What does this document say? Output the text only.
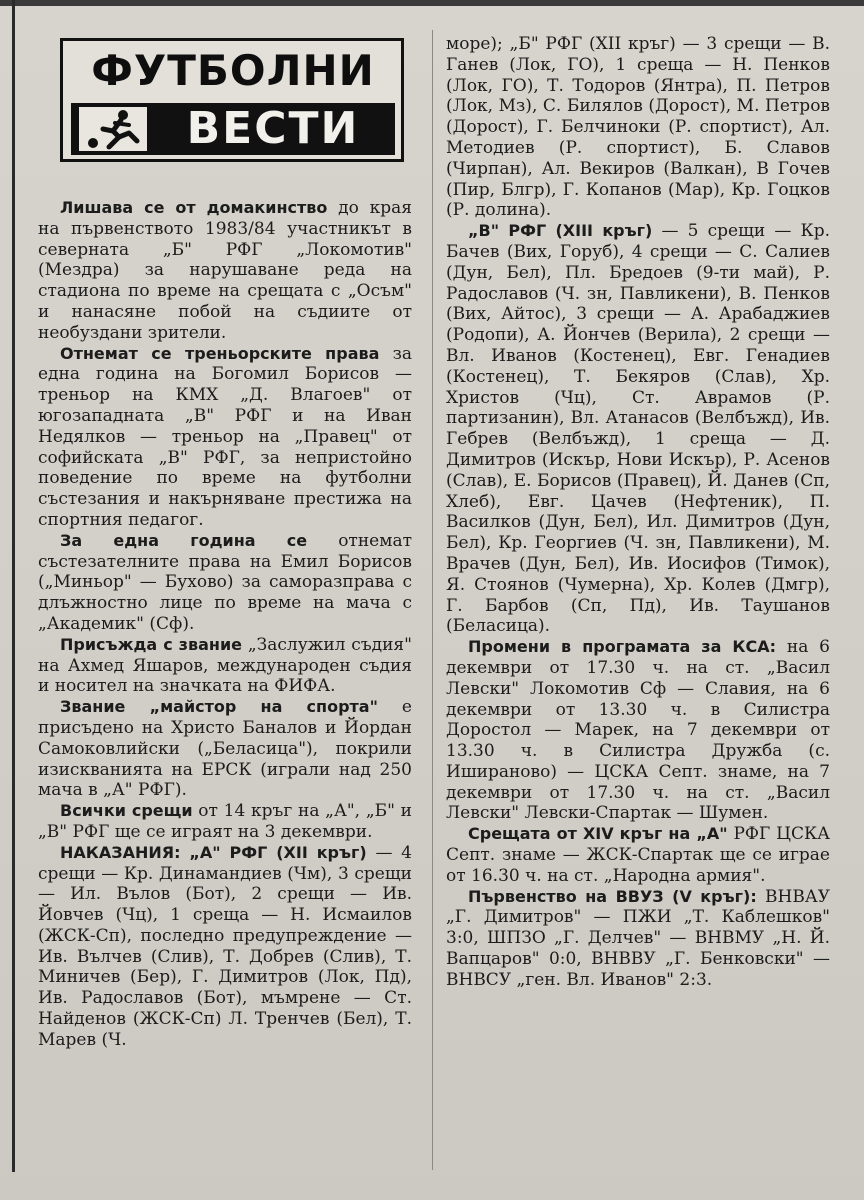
ФУТБОЛНИ
ВЕСТИ

Лишава се от домакинство до края на първенството 1983/84 участникът в северната „Б" РФГ „Локомотив" (Мездра) за нарушаване реда на стадиона по време на срещата с „Осъм" и нанасяне побой на съдиите от необуздани зрители.

Отнемат се треньорските права за една година на Богомил Борисов — треньор на КМХ „Д. Влагоев" от югозападната „В" РФГ и на Иван Недялков — треньор на „Правец" от софийската „В" РФГ, за непристойно поведение по време на футболни състезания и накърняване престижа на спортния педагог.

За една година се отнемат състезателните права на Емил Борисов („Миньор" — Бухово) за саморазправа с длъжностно лице по време на мача с „Академик" (Сф).

Присъжда с звание „Заслужил съдия" на Ахмед Яшаров, международен съдия и носител на значката на ФИФА.

Звание „майстор на спорта" е присъдено на Христо Баналов и Йордан Самоковлийски („Беласица"), покрили изискванията на ЕРСК (играли над 250 мача в „А" РФГ).

Всички срещи от 14 кръг на „А", „Б" и „В" РФГ ще се играят на 3 декември.

НАКАЗАНИЯ: „А" РФГ (XII кръг) — 4 срещи — Кр. Динамандиев (Чм), 3 срещи — Ил. Вълов (Бот), 2 срещи — Ив. Йовчев (Чц), 1 среща — Н. Исмаилов (ЖСК-Сп), последно предупреждение — Ив. Вълчев (Слив), Т. Добрев (Слив), Т. Миничев (Бер), Г. Димитров (Лок, Пд), Ив. Радославов (Бот), мъмрене — Ст. Найденов (ЖСК-Сп) Л. Тренчев (Бел), Т. Марев (Ч.

море); „Б" РФГ (XII кръг) — 3 срещи — В. Ганев (Лок, ГО), 1 среща — Н. Пенков (Лок, ГО), Т. Тодоров (Янтра), П. Петров (Лок, Мз), С. Билялов (Дорост), М. Петров (Дорост), Г. Белчиноки (Р. спортист), Ал. Методиев (Р. спортист), Б. Славов (Чирпан), Ал. Векиров (Валкан), В Гочев (Пир, Блгр), Г. Копанов (Мар), Кр. Гоцков (Р. долина).

„В" РФГ (XIII кръг) — 5 срещи — Кр. Бачев (Вих, Горуб), 4 срещи — С. Салиев (Дун, Бел), Пл. Бредоев (9-ти май), Р. Радославов (Ч. зн, Павликени), В. Пенков (Вих, Айтос), 3 срещи — А. Арабаджиев (Родопи), А. Йончев (Верила), 2 срещи — Вл. Иванов (Костенец), Евг. Генадиев (Костенец), Т. Бекяров (Слав), Хр. Христов (Чц), Ст. Аврамов (Р. партизанин), Вл. Атанасов (Велбъжд), Ив. Гебрев (Велбъжд), 1 среща — Д. Димитров (Искър, Нови Искър), Р. Асенов (Слав), Е. Борисов (Правец), Й. Данев (Сп, Хлеб), Евг. Цачев (Нефтеник), П. Василков (Дун, Бел), Ил. Димитров (Дун, Бел), Кр. Георгиев (Ч. зн, Павликени), М. Врачев (Дун, Бел), Ив. Иосифов (Тимок), Я. Стоянов (Чумерна), Хр. Колев (Дмгр), Г. Барбов (Сп, Пд), Ив. Таушанов (Беласица).

Промени в програмата за КСА: на 6 декември от 17.30 ч. на ст. „Васил Левски" Локомотив Сф — Славия, на 6 декември от 13.30 ч. в Силистра Доростол — Марек, на 7 декември от 13.30 ч. в Силистра Дружба (с. Ишираново) — ЦСКА Септ. знаме, на 7 декември от 17.30 ч. на ст. „Васил Левски" Левски-Спартак — Шумен.

Срещата от XIV кръг на „А" РФГ ЦСКА Септ. знаме — ЖСК-Спартак ще се играе от 16.30 ч. на ст. „Народна армия".

Първенство на ВВУЗ (V кръг): ВНВАУ „Г. Димитров" — ПЖИ „Т. Каблешков" 3:0, ШПЗО „Г. Делчев" — ВНВМУ „Н. Й. Вапцаров" 0:0, ВНВВУ „Г. Бенковски" — ВНВСУ „ген. Вл. Иванов" 2:3.
